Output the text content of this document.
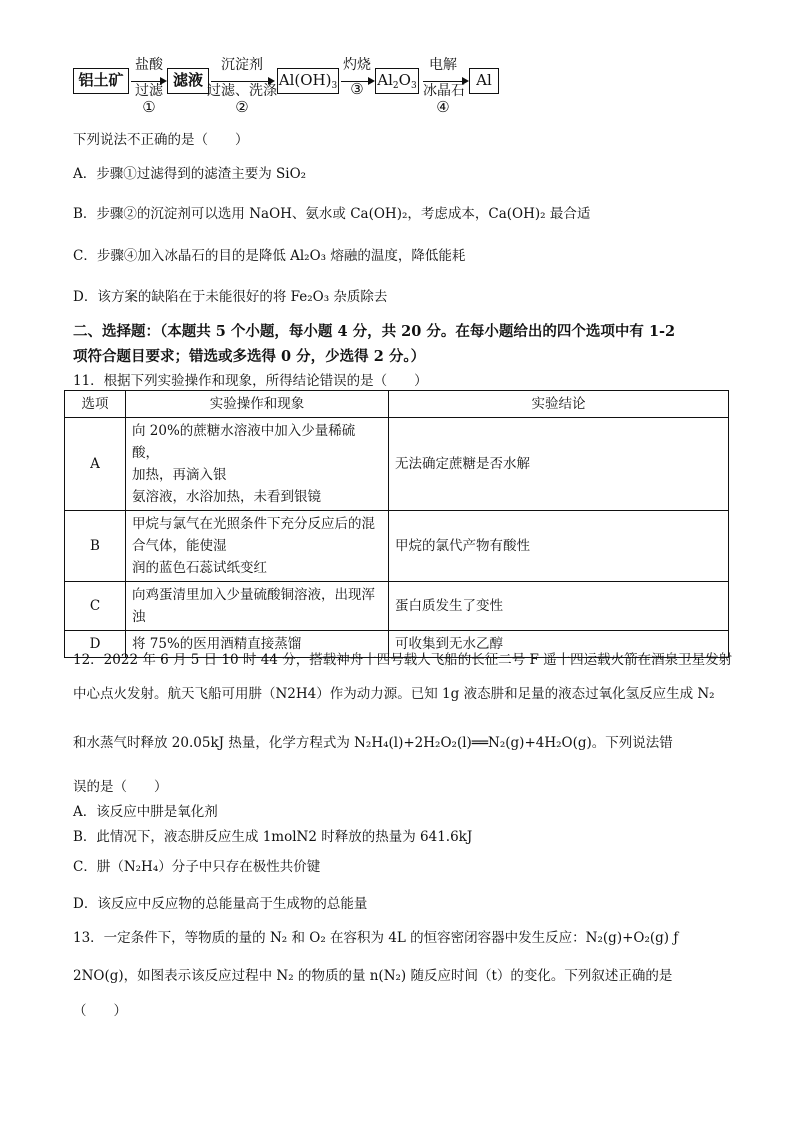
铝土矿
盐酸
过滤
①
滤液
沉淀剂
过滤、洗涤
②
$Al(OH)_3$
灼烧
③ $Al_2O_3$
电解
冰晶石
④
Al
下列说法不正确的是（　　）
A．步骤①过滤得到的滤渣主要为 SiO₂
B．步骤②的沉淀剂可以选用 NaOH、氨水或 Ca(OH)₂，考虑成本，Ca(OH)₂ 最合适
C．步骤④加入冰晶石的目的是降低 Al₂O₃ 熔融的温度，降低能耗
D．该方案的缺陷在于未能很好的将 Fe₂O₃ 杂质除去
二、选择题：（本题共 5 个小题，每小题 4 分，共 20 分。在每小题给出的四个选项中有 1-2
项符合题目要求；错选或多选得 0 分，少选得 2 分。）
11．根据下列实验操作和现象，所得结论错误的是（　　）
选项	实验操作和现象	实验结论
A	向 20%的蔗糖水溶液中加入少量稀硫酸，
加热，再滴入银
氨溶液，水浴加热，未看到银镜	无法确定蔗糖是否水解
B	甲烷与氯气在光照条件下充分反应后的混
合气体，能使湿
润的蓝色石蕊试纸变红	甲烷的氯代产物有酸性
C	向鸡蛋清里加入少量硫酸铜溶液，出现浑
浊	蛋白质发生了变性
D	将 75%的医用酒精直接蒸馏	可收集到无水乙醇
12．2022 年 6 月 5 日 10 时 44 分，搭载神舟十四号载人飞船的长征二号 F 遥十四运载火箭在酒泉卫星发射
中心点火发射。航天飞船可用肼（N2H4）作为动力源。已知 1g 液态肼和足量的液态过氧化氢反应生成 N₂
和水蒸气时释放 20.05kJ 热量，化学方程式为 N₂H₄(l)+2H₂O₂(l)══N₂(g)+4H₂O(g)。下列说法错
误的是（　　）
A．该反应中肼是氧化剂
B．此情况下，液态肼反应生成 1molN2 时释放的热量为 641.6kJ
C．肼（N₂H₄）分子中只存在极性共价键
D．该反应中反应物的总能量高于生成物的总能量
13．一定条件下，等物质的量的 N₂ 和 O₂ 在容积为 4L 的恒容密闭容器中发生反应：N₂(g)+O₂(g) ƒ
2NO(g)，如图表示该反应过程中 N₂ 的物质的量 n(N₂) 随反应时间（t）的变化。下列叙述正确的是
（　　）
